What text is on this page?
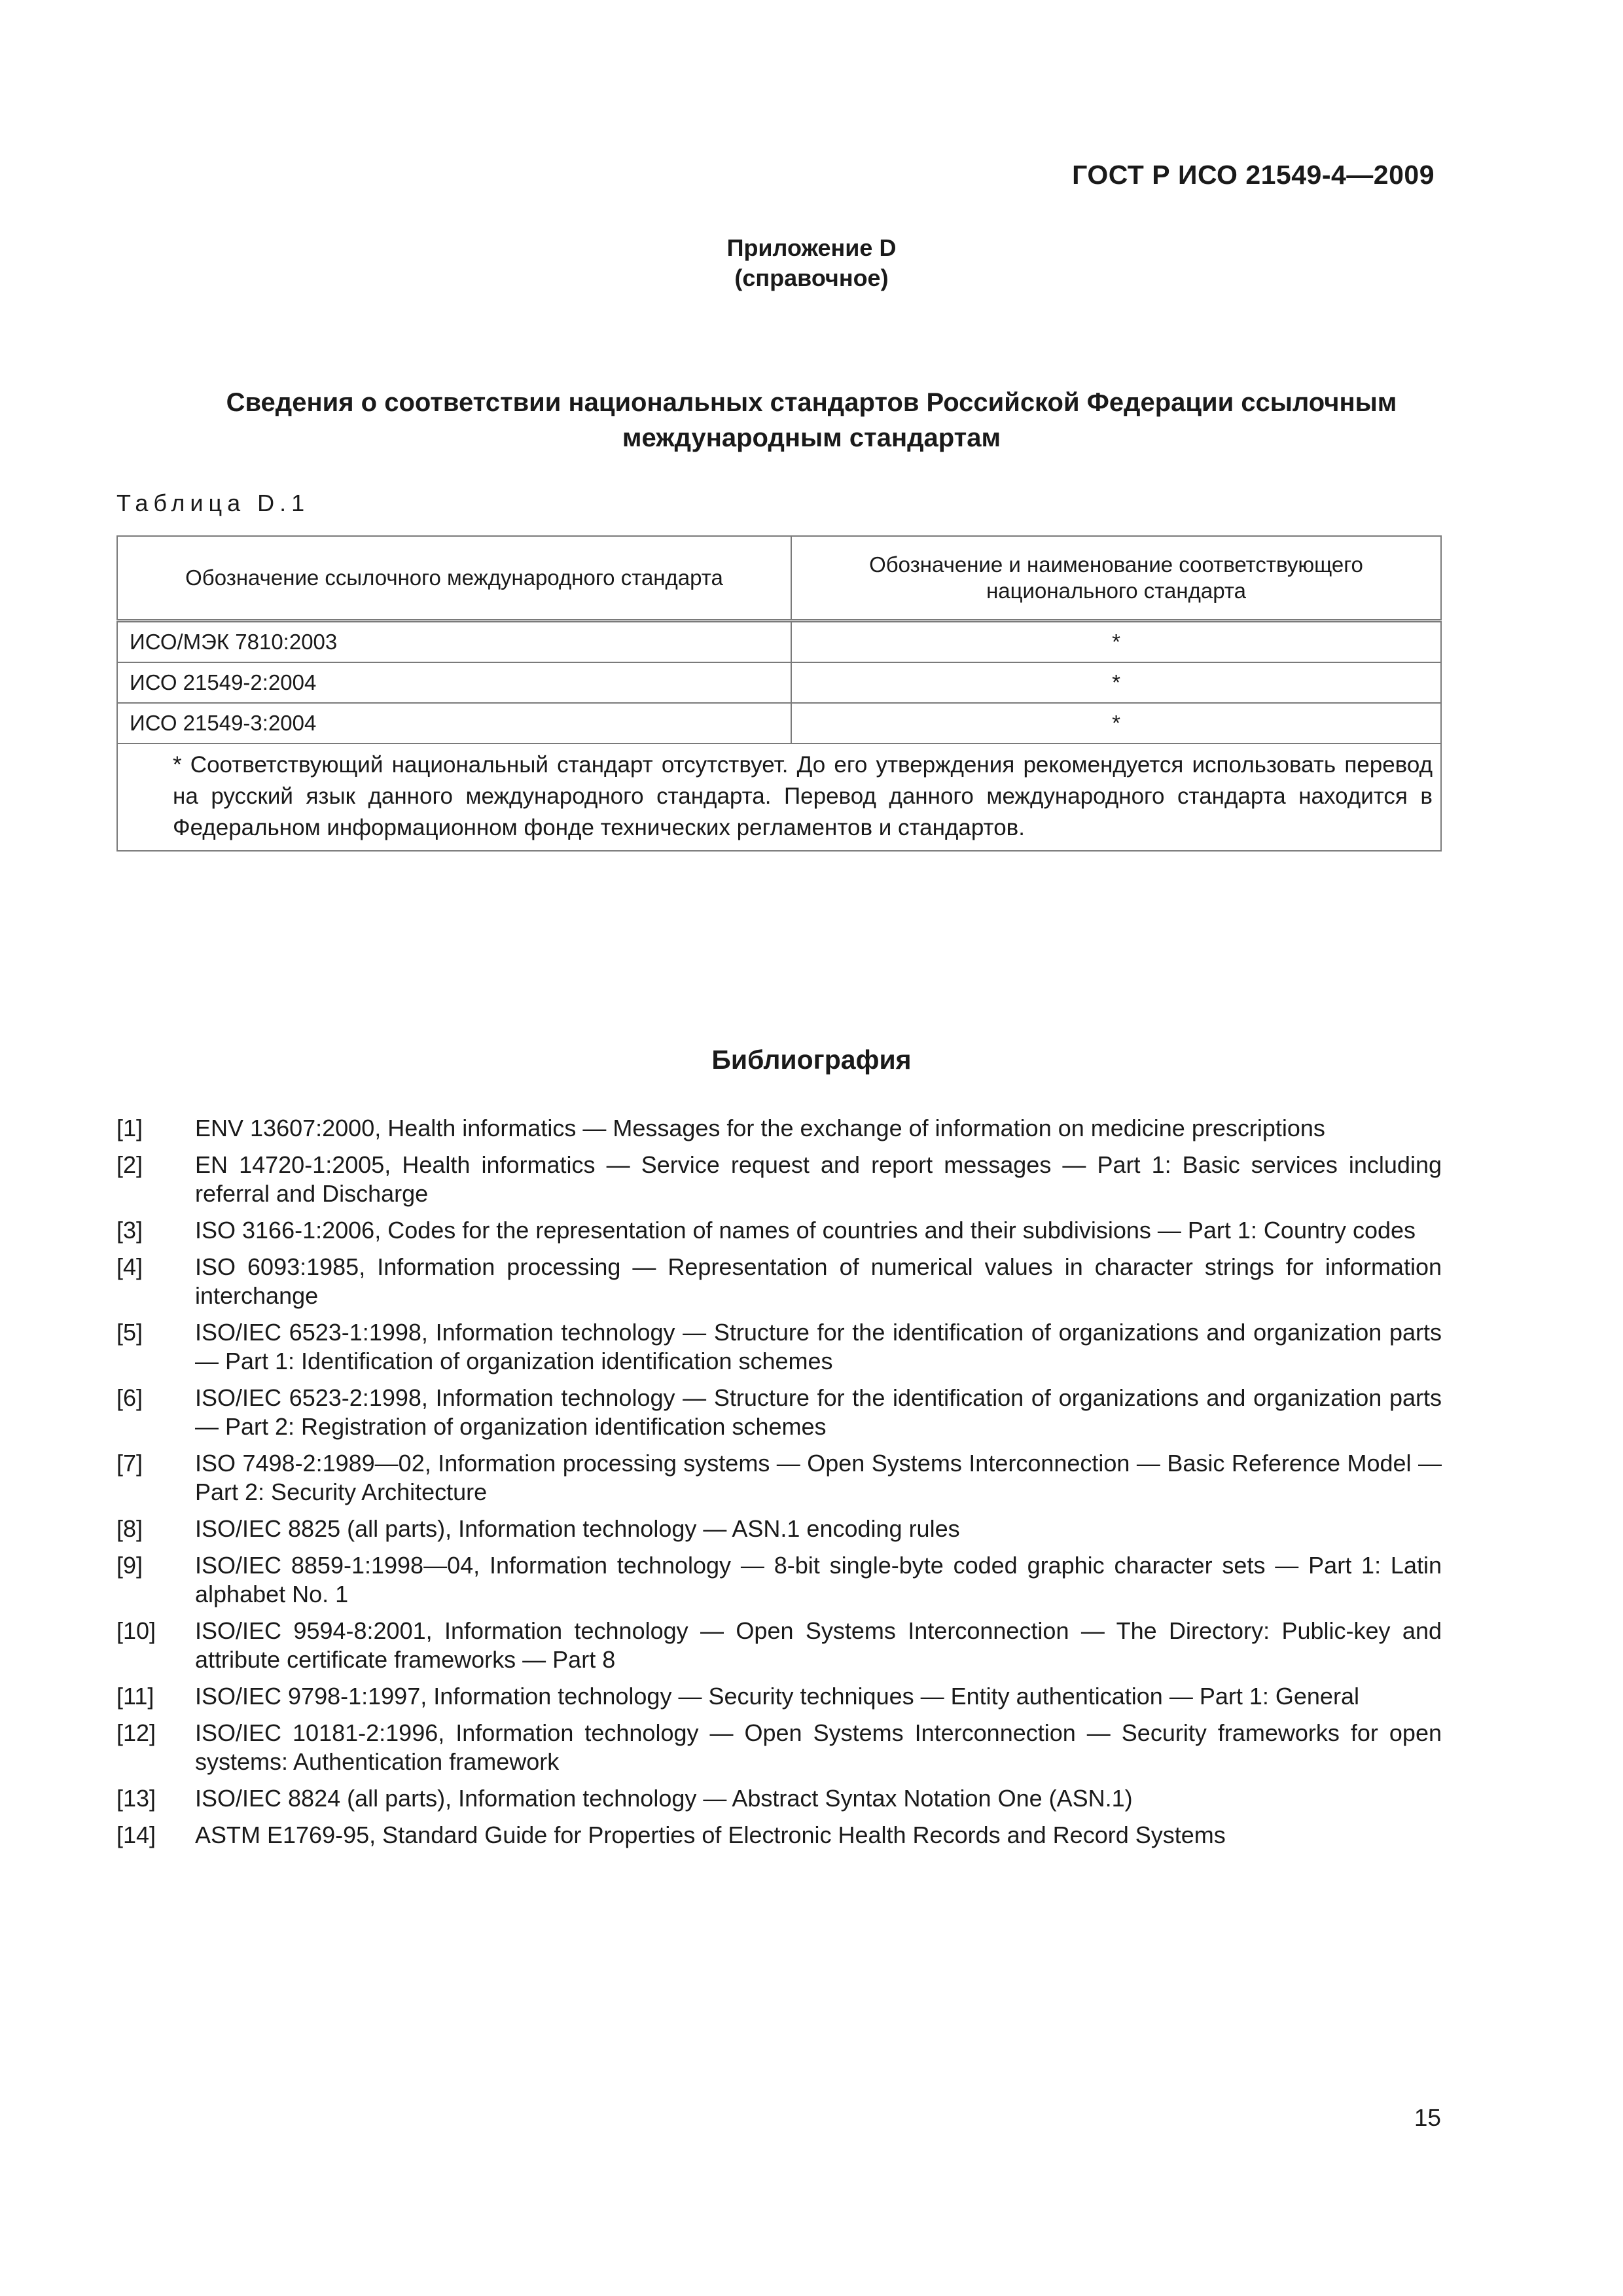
ГОСТ Р ИСО 21549-4—2009
Приложение D
(справочное)
Сведения о соответствии национальных стандартов Российской Федерации ссылочным международным стандартам
Таблица D.1
Обозначение ссылочного международного стандарта	Обозначение и наименование соответствующего национального стандарта
ИСО/МЭК 7810:2003	*
ИСО 21549-2:2004	*
ИСО 21549-3:2004	*
* Соответствующий национальный стандарт отсутствует. До его утверждения рекомендуется использовать перевод на русский язык данного международного стандарта. Перевод данного международного стандарта находится в Федеральном информационном фонде технических регламентов и стандартов.	
Библиография
[1]	ENV 13607:2000, Health informatics — Messages for the exchange of information on medicine prescriptions
[2]	EN 14720-1:2005, Health informatics — Service request and report messages — Part 1: Basic services including referral and Discharge
[3]	ISO 3166-1:2006, Codes for the representation of names of countries and their subdivisions — Part 1: Country codes
[4]	ISO 6093:1985, Information processing — Representation of numerical values in character strings for information interchange
[5]	ISO/IEC 6523-1:1998, Information technology — Structure for the identification of organizations and organization parts — Part 1: Identification of organization identification schemes
[6]	ISO/IEC 6523-2:1998, Information technology — Structure for the identification of organizations and organization parts — Part 2: Registration of organization identification schemes
[7]	ISO 7498-2:1989—02, Information processing systems — Open Systems Interconnection — Basic Reference Model — Part 2: Security Architecture
[8]	ISO/IEC 8825 (all parts), Information technology — ASN.1 encoding rules
[9]	ISO/IEC 8859-1:1998—04, Information technology — 8-bit single-byte coded graphic character sets — Part 1: Latin alphabet No. 1
[10]	ISO/IEC 9594-8:2001, Information technology — Open Systems Interconnection — The Directory: Public-key and attribute certificate frameworks — Part 8
[11]	ISO/IEC 9798-1:1997, Information technology — Security techniques — Entity authentication — Part 1: General
[12]	ISO/IEC 10181-2:1996, Information technology — Open Systems Interconnection — Security frameworks for open systems: Authentication framework
[13]	ISO/IEC 8824 (all parts), Information technology — Abstract Syntax Notation One (ASN.1)
[14]	ASTM E1769-95, Standard Guide for Properties of Electronic Health Records and Record Systems
15
